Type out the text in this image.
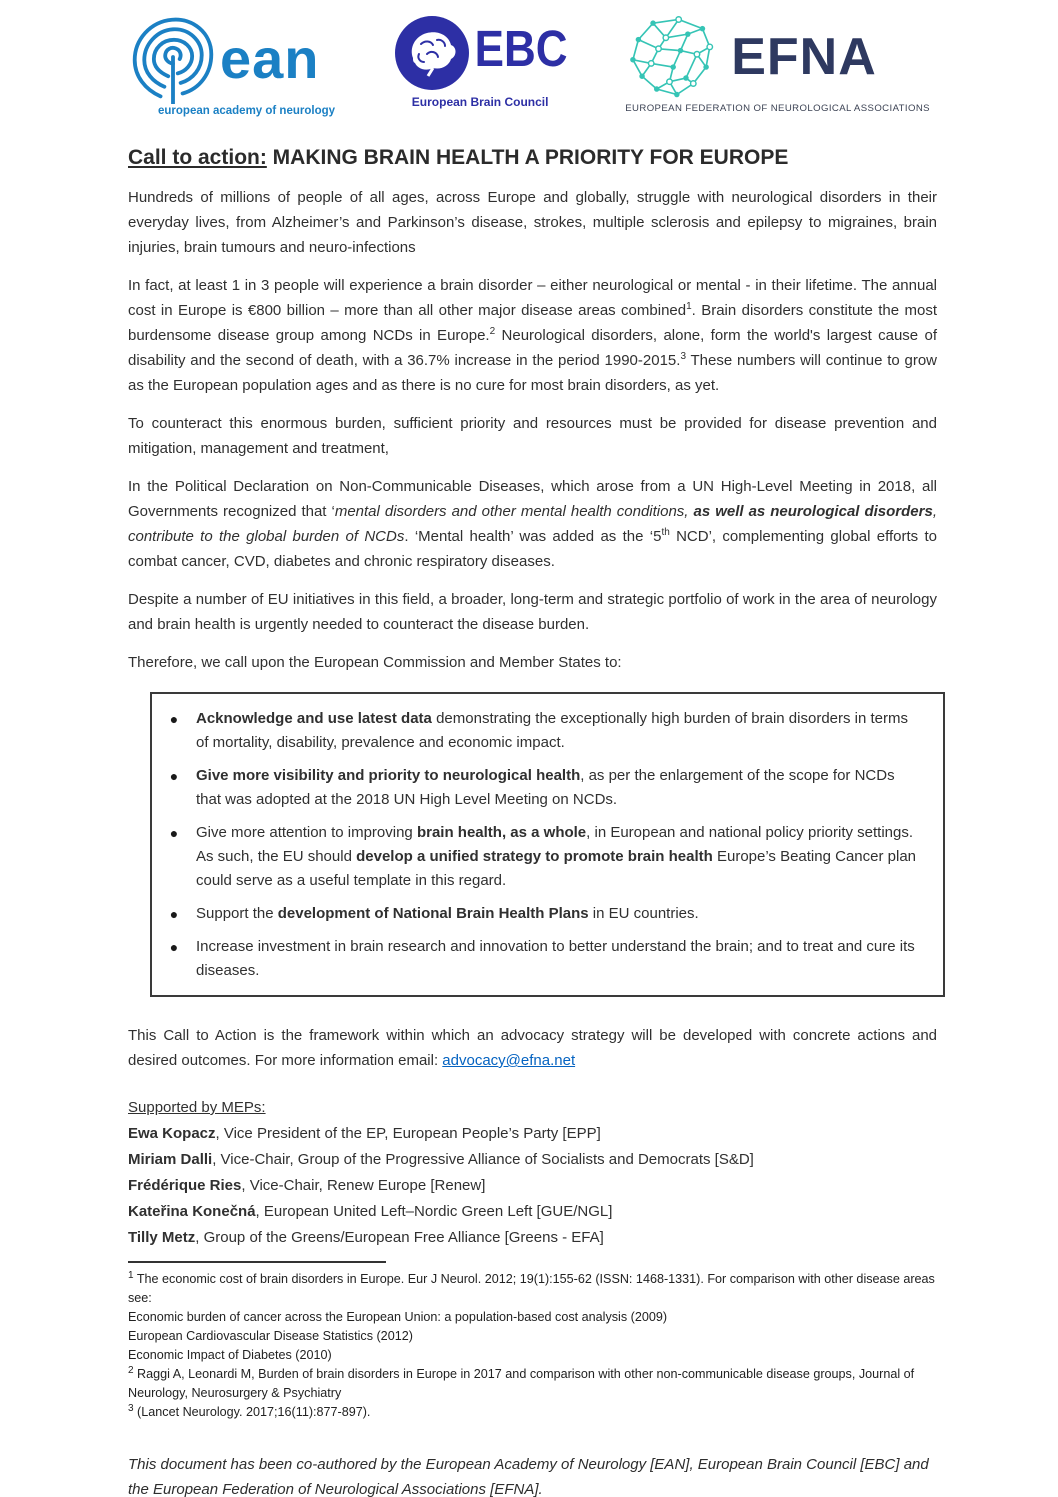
ean
european academy of neurology
EBC
European Brain Council
EFNA
EUROPEAN FEDERATION OF NEUROLOGICAL ASSOCIATIONS
Call to action: MAKING BRAIN HEALTH A PRIORITY FOR EUROPE

Hundreds of millions of people of all ages, across Europe and globally, struggle with neurological disorders in their everyday lives, from Alzheimer’s and Parkinson’s disease, strokes, multiple sclerosis and epilepsy to migraines, brain injuries, brain tumours and neuro-infections

In fact, at least 1 in 3 people will experience a brain disorder – either neurological or mental - in their lifetime. The annual cost in Europe is €800 billion – more than all other major disease areas combined$^1$. Brain disorders constitute the most burdensome disease group among NCDs in Europe.$^2$ Neurological disorders, alone, form the world's largest cause of disability and the second of death, with a 36.7% increase in the period 1990-2015.$^3$ These numbers will continue to grow as the European population ages and as there is no cure for most brain disorders, as yet.

To counteract this enormous burden, sufficient priority and resources must be provided for disease prevention and mitigation, management and treatment,

In the Political Declaration on Non-Communicable Diseases, which arose from a UN High-Level Meeting in 2018, all Governments recognized that ‘mental disorders and other mental health conditions, as well as neurological disorders, contribute to the global burden of NCDs. ‘Mental health’ was added as the ‘5th NCD’, complementing global efforts to combat cancer, CVD, diabetes and chronic respiratory diseases.

Despite a number of EU initiatives in this field, a broader, long-term and strategic portfolio of work in the area of neurology and brain health is urgently needed to counteract the disease burden.

Therefore, we call upon the European Commission and Member States to:

●	Acknowledge and use latest data demonstrating the exceptionally high burden of brain disorders in terms of mortality, disability, prevalence and economic impact.
●	Give more visibility and priority to neurological health, as per the enlargement of the scope for NCDs that was adopted at the 2018 UN High Level Meeting on NCDs.
●	Give more attention to improving brain health, as a whole, in European and national policy priority settings. As such, the EU should develop a unified strategy to promote brain health Europe’s Beating Cancer plan could serve as a useful template in this regard.
●	Support the development of National Brain Health Plans in EU countries.
●	Increase investment in brain research and innovation to better understand the brain; and to treat and cure its diseases.

This Call to Action is the framework within which an advocacy strategy will be developed with concrete actions and desired outcomes. For more information email: advocacy@efna.net

Supported by MEPs:

Ewa Kopacz, Vice President of the EP, European People’s Party [EPP]

Miriam Dalli, Vice-Chair, Group of the Progressive Alliance of Socialists and Democrats [S&D]

Frédérique Ries, Vice-Chair, Renew Europe [Renew]

Kateřina Konečná, European United Left–Nordic Green Left [GUE/NGL]

Tilly Metz, Group of the Greens/European Free Alliance [Greens - EFA]

$^1$ The economic cost of brain disorders in Europe. Eur J Neurol. 2012; 19(1):155-62 (ISSN: 1468-1331). For comparison with other disease areas see:

Economic burden of cancer across the European Union: a population-based cost analysis (2009)

European Cardiovascular Disease Statistics (2012)

Economic Impact of Diabetes (2010)

$^2$ Raggi A, Leonardi M, Burden of brain disorders in Europe in 2017 and comparison with other non-communicable disease groups, Journal of Neurology, Neurosurgery & Psychiatry

$^3$ (Lancet Neurology. 2017;16(11):877-897).

This document has been co-authored by the European Academy of Neurology [EAN], European Brain Council [EBC] and the European Federation of Neurological Associations [EFNA].
